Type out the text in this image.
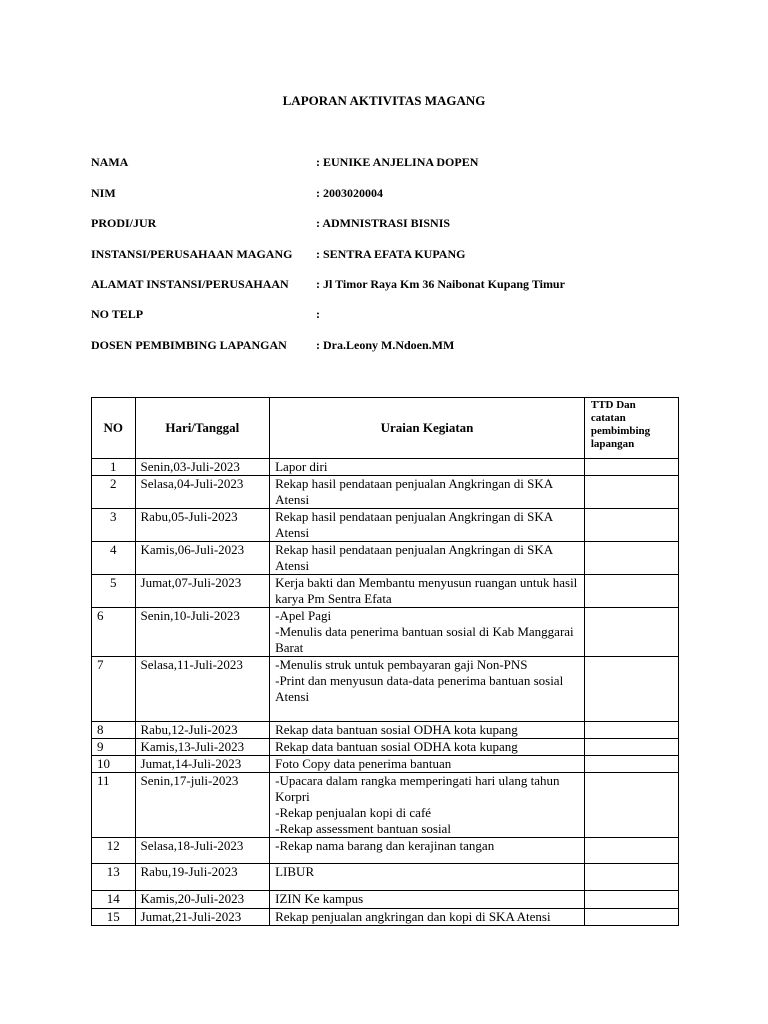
LAPORAN AKTIVITAS MAGANG
NAMA	: EUNIKE ANJELINA DOPEN
NIM	: 2003020004
PRODI/JUR	: ADMNISTRASI BISNIS
INSTANSI/PERUSAHAAN MAGANG : SENTRA EFATA KUPANG
ALAMAT INSTANSI/PERUSAHAAN : Jl Timor Raya Km 36 Naibonat Kupang Timur
NO TELP	:
DOSEN PEMBIMBING LAPANGAN : Dra.Leony M.Ndoen.MM
NO	Hari/Tanggal	Uraian Kegiatan	TTD Dan catatan pembimbing lapangan
1	Senin,03-Juli-2023	Lapor diri	

2	Selasa,04-Juli-2023	Rekap hasil pendataan penjualan Angkringan di SKA Atensi	

3	Rabu,05-Juli-2023	Rekap hasil pendataan penjualan Angkringan di SKA Atensi	

4	Kamis,06-Juli-2023	Rekap hasil pendataan penjualan Angkringan di SKA Atensi	

5	Jumat,07-Juli-2023	Kerja bakti dan Membantu menyusun ruangan untuk hasil karya Pm Sentra Efata	

6	Senin,10-Juli-2023	-Apel Pagi
-Menulis data penerima bantuan sosial di Kab Manggarai Barat	

7	Selasa,11-Juli-2023	-Menulis struk untuk pembayaran gaji Non-PNS
-Print dan menyusun data-data penerima bantuan sosial Atensi	

8	Rabu,12-Juli-2023	Rekap data bantuan sosial ODHA kota kupang	

9	Kamis,13-Juli-2023	Rekap data bantuan sosial ODHA kota kupang	

10	Jumat,14-Juli-2023	Foto Copy data penerima bantuan	

11	Senin,17-juli-2023	-Upacara dalam rangka memperingati hari ulang tahun Korpri
-Rekap penjualan kopi di café
-Rekap assessment bantuan sosial	

12	Selasa,18-Juli-2023	-Rekap nama barang dan kerajinan tangan	

13	Rabu,19-Juli-2023	LIBUR	

14	Kamis,20-Juli-2023	IZIN Ke kampus	

15	Jumat,21-Juli-2023	Rekap penjualan angkringan dan kopi di SKA Atensi	
